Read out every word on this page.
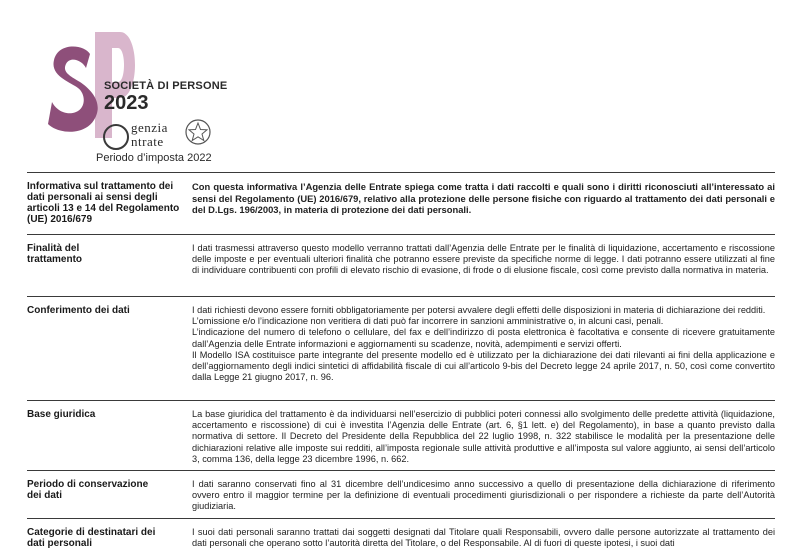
SOCIETÀ DI PERSONE
2023
genzia
ntrate
Periodo d’imposta 2022
Informativa sul trattamento dei dati personali ai sensi degli articoli 13 e 14 del Regolamento (UE) 2016/679
Con questa informativa l’Agenzia delle Entrate spiega come tratta i dati raccolti e quali sono i diritti riconosciuti all’interessato ai sensi del Regolamento (UE) 2016/679, relativo alla protezione delle persone fisiche con riguardo al trattamento dei dati personali e del D.Lgs. 196/2003, in materia di protezione dei dati personali.
Finalità del trattamento

I dati trasmessi attraverso questo modello verranno trattati dall’Agenzia delle Entrate per le finalità di liquidazione, accertamento e riscossione delle imposte e per eventuali ulteriori finalità che potranno essere previste da specifiche norme di legge. I dati potranno essere utilizzati al fine di individuare contribuenti con profili di elevato rischio di evasione, di frode o di elusione fiscale, così come previsto dalla normativa in materia.

Conferimento dei dati	I dati richiesti devono essere forniti obbligatoriamente per potersi avvalere degli effetti delle disposizioni in materia di dichiarazione dei redditi.

L’omissione e/o l’indicazione non veritiera di dati può far incorrere in sanzioni amministrative o, in alcuni casi, penali.

L’indicazione del numero di telefono o cellulare, del fax e dell’indirizzo di posta elettronica è facoltativa e consente di ricevere gratuitamente dall’Agenzia delle Entrate informazioni e aggiornamenti su scadenze, novità, adempimenti e servizi offerti.

Il Modello ISA costituisce parte integrante del presente modello ed è utilizzato per la dichiarazione dei dati rilevanti ai fini della applicazione e dell’aggiornamento degli indici sintetici di affidabilità fiscale di cui all’articolo 9-bis del Decreto legge 24 aprile 2017, n. 50, così come convertito dalla Legge 21 giugno 2017, n. 96.

Base giuridica	La base giuridica del trattamento è da individuarsi nell’esercizio di pubblici poteri connessi allo svolgimento delle predette attività (liquidazione, accertamento e riscossione) di cui è investita l’Agenzia delle Entrate (art. 6, §1 lett. e) del Regolamento), in base a quanto previsto dalla normativa di settore. Il Decreto del Presidente della Repubblica del 22 luglio 1998, n. 322 stabilisce le modalità per la presentazione delle dichiarazioni relative alle imposte sui redditi, all’imposta regionale sulle attività produttive e all’imposta sul valore aggiunto, ai sensi dell’articolo 3, comma 136, della legge 23 dicembre 1996, n. 662.

Periodo di conservazione dei dati

I dati saranno conservati fino al 31 dicembre dell’undicesimo anno successivo a quello di presentazione della dichiarazione di riferimento ovvero entro il maggior termine per la definizione di eventuali procedimenti giurisdizionali o per rispondere a richieste da parte dell’Autorità giudiziaria.

Categorie di destinatari dei dati personali

I suoi dati personali saranno trattati dai soggetti designati dal Titolare quali Responsabili, ovvero dalle persone autorizzate al trattamento dei dati personali che operano sotto l’autorità diretta del Titolare, o del Responsabile. Al di fuori di queste ipotesi, i suoi dati
